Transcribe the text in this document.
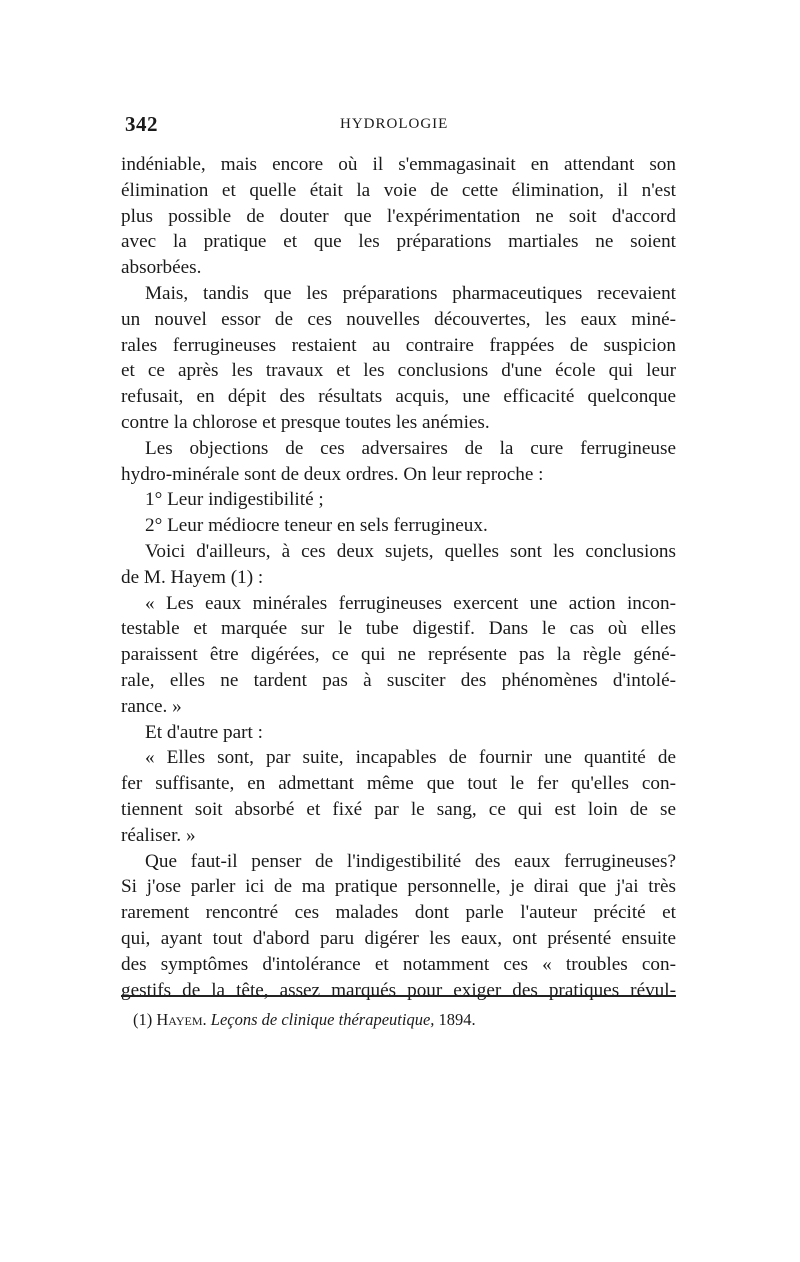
342	HYDROLOGIE

indéniable, mais encore où il s'emmagasinait en attendant son
élimination et quelle était la voie de cette élimination, il n'est
plus possible de douter que l'expérimentation ne soit d'accord
avec la pratique et que les préparations martiales ne soient
absorbées.

Mais, tandis que les préparations pharmaceutiques recevaient
un nouvel essor de ces nouvelles découvertes, les eaux miné-
rales ferrugineuses restaient au contraire frappées de suspicion
et ce après les travaux et les conclusions d'une école qui leur
refusait, en dépit des résultats acquis, une efficacité quelconque
contre la chlorose et presque toutes les anémies.

Les objections de ces adversaires de la cure ferrugineuse
hydro-minérale sont de deux ordres. On leur reproche :

1° Leur indigestibilité ;

2° Leur médiocre teneur en sels ferrugineux.

Voici d'ailleurs, à ces deux sujets, quelles sont les conclusions
de M. Hayem (1) :

« Les eaux minérales ferrugineuses exercent une action incon-
testable et marquée sur le tube digestif. Dans le cas où elles
paraissent être digérées, ce qui ne représente pas la règle géné-
rale, elles ne tardent pas à susciter des phénomènes d'intolé-
rance. »

Et d'autre part :

« Elles sont, par suite, incapables de fournir une quantité de
fer suffisante, en admettant même que tout le fer qu'elles con-
tiennent soit absorbé et fixé par le sang, ce qui est loin de se
réaliser. »

Que faut-il penser de l'indigestibilité des eaux ferrugineuses?
Si j'ose parler ici de ma pratique personnelle, je dirai que j'ai très
rarement rencontré ces malades dont parle l'auteur précité et
qui, ayant tout d'abord paru digérer les eaux, ont présenté ensuite
des symptômes d'intolérance et notamment ces « troubles con-
gestifs de la tête, assez marqués pour exiger des pratiques révul-

(1) Hayem. Leçons de clinique thérapeutique, 1894.
